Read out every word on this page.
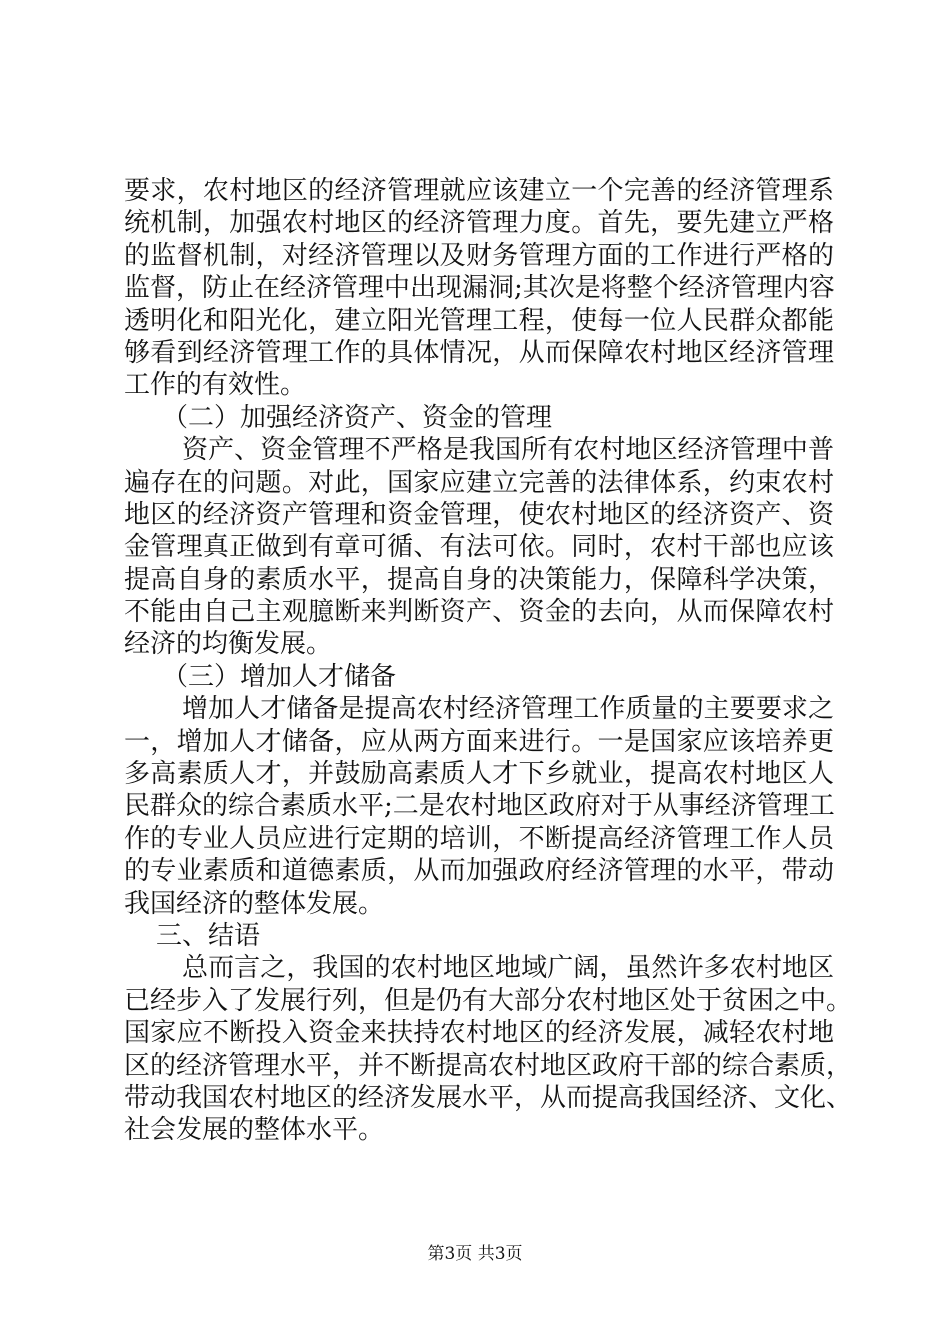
要求，农村地区的经济管理就应该建立一个完善的经济管理系
统机制，加强农村地区的经济管理力度。首先，要先建立严格
的监督机制，对经济管理以及财务管理方面的工作进行严格的
监督，防止在经济管理中出现漏洞;其次是将整个经济管理内容
透明化和阳光化，建立阳光管理工程，使每一位人民群众都能
够看到经济管理工作的具体情况，从而保障农村地区经济管理
工作的有效性。
（二）加强经济资产、资金的管理
资产、资金管理不严格是我国所有农村地区经济管理中普
遍存在的问题。对此，国家应建立完善的法律体系，约束农村
地区的经济资产管理和资金管理，使农村地区的经济资产、资
金管理真正做到有章可循、有法可依。同时，农村干部也应该
提高自身的素质水平，提高自身的决策能力，保障科学决策，
不能由自己主观臆断来判断资产、资金的去向，从而保障农村
经济的均衡发展。
（三）增加人才储备
增加人才储备是提高农村经济管理工作质量的主要要求之
一，增加人才储备，应从两方面来进行。一是国家应该培养更
多高素质人才，并鼓励高素质人才下乡就业，提高农村地区人
民群众的综合素质水平;二是农村地区政府对于从事经济管理工
作的专业人员应进行定期的培训，不断提高经济管理工作人员
的专业素质和道德素质，从而加强政府经济管理的水平，带动
我国经济的整体发展。
三、结语
总而言之，我国的农村地区地域广阔，虽然许多农村地区
已经步入了发展行列，但是仍有大部分农村地区处于贫困之中。
国家应不断投入资金来扶持农村地区的经济发展，减轻农村地
区的经济管理水平，并不断提高农村地区政府干部的综合素质，
带动我国农村地区的经济发展水平，从而提高我国经济、文化、
社会发展的整体水平。
第3页 共3页
